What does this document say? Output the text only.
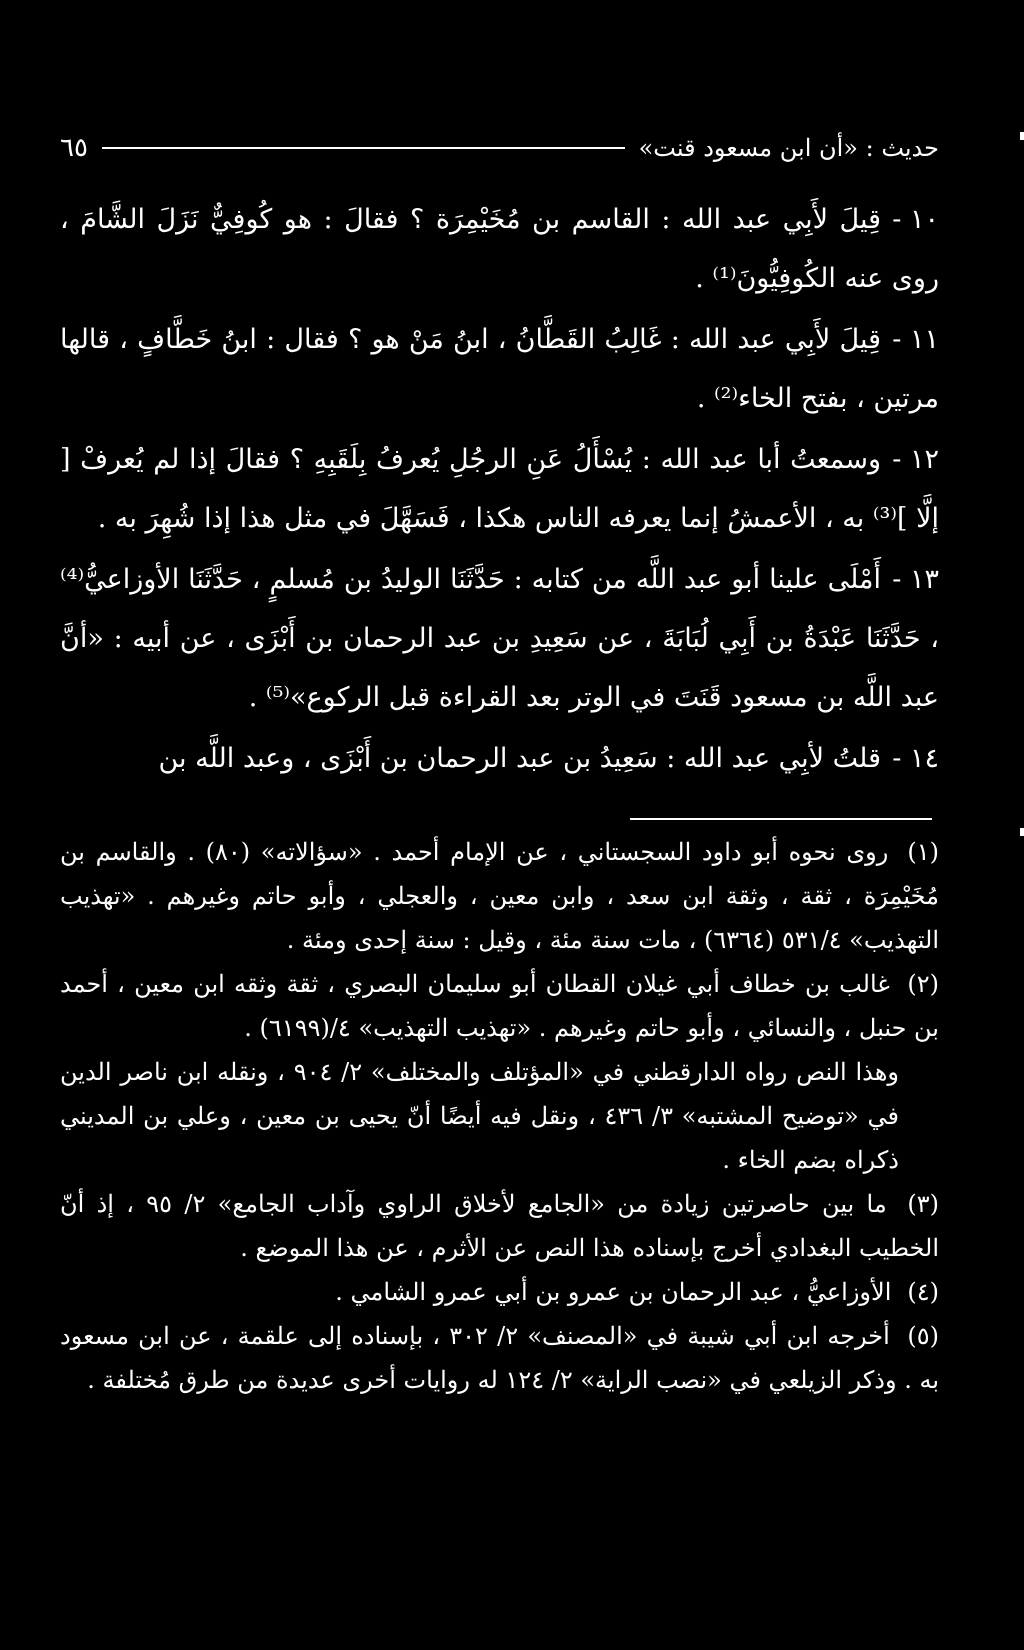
حديث : «أن ابن مسعود قنت»
٦٥

١٠ -قِيلَ لأَبِي عبد الله : القاسم بن مُخَيْمِرَة ؟ فقالَ : هو كُوفِيٌّ نَزَلَ الشَّامَ ، روى عنه الكُوفِيُّونَ⁽¹⁾ .

١١ -قِيلَ لأَبِي عبد الله : غَالِبُ القَطَّانُ ، ابنُ مَنْ هو ؟ فقال : ابنُ خَطَّافٍ ، قالها مرتين ، بفتح الخاء⁽²⁾ .

١٢ -وسمعتُ أبا عبد الله : يُسْأَلُ عَنِ الرجُلِ يُعرفُ بِلَقَبِهِ ؟ فقالَ إذا لم يُعرفْ [ إلَّا ]⁽³⁾ به ، الأعمشُ إنما يعرفه الناس هكذا ، فَسَهَّلَ في مثل هذا إذا شُهِرَ به .

١٣ -أَمْلَى علينا أبو عبد اللَّه من كتابه : حَدَّثَنَا الوليدُ بن مُسلمٍ ، حَدَّثَنَا الأوزاعيُّ⁽⁴⁾ ، حَدَّثَنَا عَبْدَةُ بن أَبِي لُبَابَةَ ، عن سَعِيدِ بن عبد الرحمان بن أَبْزَى ، عن أبيه : «أنَّ عبد اللَّه بن مسعود قَنَتَ في الوتر بعد القراءة قبل الركوع»⁽⁵⁾ .

١٤ -قلتُ لأبِي عبد الله : سَعِيدُ بن عبد الرحمان بن أَبْزَى ، وعبد اللَّه بن

(١) روى نحوه أبو داود السجستاني ، عن الإمام أحمد . «سؤالاته» (٨٠) . والقاسم بن مُخَيْمِرَة ، ثقة ، وثقة ابن سعد ، وابن معين ، والعجلي ، وأبو حاتم وغيرهم . «تهذيب التهذيب» ٥٣١/٤ (٦٣٦٤) ، مات سنة مئة ، وقيل : سنة إحدى ومئة .

(٢) غالب بن خطاف أبي غيلان القطان أبو سليمان البصري ، ثقة وثقه ابن معين ، أحمد بن حنبل ، والنسائي ، وأبو حاتم وغيرهم . «تهذيب التهذيب» ٤/(٦١٩٩) .

وهذا النص رواه الدارقطني في «المؤتلف والمختلف» ٢/ ٩٠٤ ، ونقله ابن ناصر الدين في «توضيح المشتبه» ٣/ ٤٣٦ ، ونقل فيه أيضًا أنّ يحيى بن معين ، وعلي بن المديني ذكراه بضم الخاء .

(٣) ما بين حاصرتين زيادة من «الجامع لأخلاق الراوي وآداب الجامع» ٢/ ٩٥ ، إذ أنّ الخطيب البغدادي أخرج بإسناده هذا النص عن الأثرم ، عن هذا الموضع .

(٤) الأوزاعيُّ ، عبد الرحمان بن عمرو بن أبي عمرو الشامي .

(٥) أخرجه ابن أبي شيبة في «المصنف» ٢/ ٣٠٢ ، بإسناده إلى علقمة ، عن ابن مسعود به . وذكر الزيلعي في «نصب الراية» ٢/ ١٢٤ له روايات أخرى عديدة من طرق مُختلفة .
